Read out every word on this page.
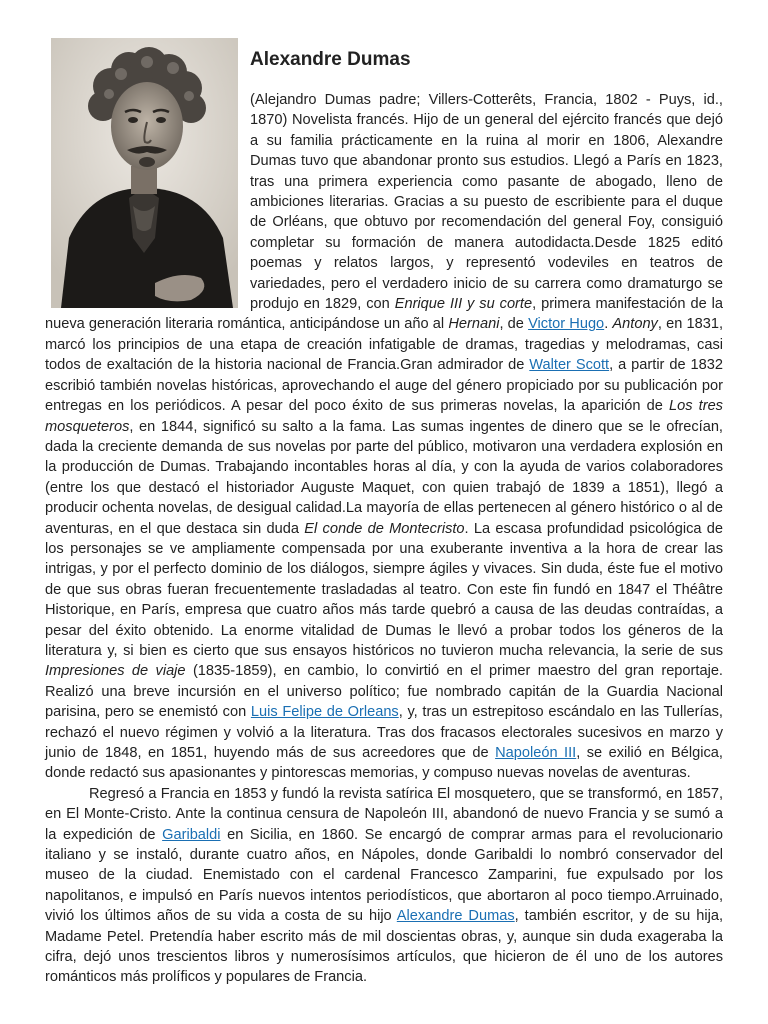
Alexandre Dumas

(Alejandro Dumas padre; Villers-Cotterêts, Francia, 1802 - Puys, id., 1870) Novelista francés. Hijo de un general del ejército francés que dejó a su familia prácticamente en la ruina al morir en 1806, Alexandre Dumas tuvo que abandonar pronto sus estudios. Llegó a París en 1823, tras una primera experiencia como pasante de abogado, lleno de ambiciones literarias. Gracias a su puesto de escribiente para el duque de Orléans, que obtuvo por recomendación del general Foy, consiguió completar su formación de manera autodidacta.Desde 1825 editó poemas y relatos largos, y representó vodeviles en teatros de variedades, pero el verdadero inicio de su carrera como dramaturgo se produjo en 1829, con Enrique III y su corte, primera manifestación de la nueva generación literaria romántica, anticipándose un año al Hernani, de Victor Hugo. Antony, en 1831, marcó los principios de una etapa de creación infatigable de dramas, tragedias y melodramas, casi todos de exaltación de la historia nacional de Francia.Gran admirador de Walter Scott, a partir de 1832 escribió también novelas históricas, aprovechando el auge del género propiciado por su publicación por entregas en los periódicos. A pesar del poco éxito de sus primeras novelas, la aparición de Los tres mosqueteros, en 1844, significó su salto a la fama. Las sumas ingentes de dinero que se le ofrecían, dada la creciente demanda de sus novelas por parte del público, motivaron una verdadera explosión en la producción de Dumas. Trabajando incontables horas al día, y con la ayuda de varios colaboradores (entre los que destacó el historiador Auguste Maquet, con quien trabajó de 1839 a 1851), llegó a producir ochenta novelas, de desigual calidad.La mayoría de ellas pertenecen al género histórico o al de aventuras, en el que destaca sin duda El conde de Montecristo. La escasa profundidad psicológica de los personajes se ve ampliamente compensada por una exuberante inventiva a la hora de crear las intrigas, y por el perfecto dominio de los diálogos, siempre ágiles y vivaces. Sin duda, éste fue el motivo de que sus obras fueran frecuentemente trasladadas al teatro. Con este fin fundó en 1847 el Théâtre Historique, en París, empresa que cuatro años más tarde quebró a causa de las deudas contraídas, a pesar del éxito obtenido. La enorme vitalidad de Dumas le llevó a probar todos los géneros de la literatura y, si bien es cierto que sus ensayos históricos no tuvieron mucha relevancia, la serie de sus Impresiones de viaje (1835-1859), en cambio, lo convirtió en el primer maestro del gran reportaje. Realizó una breve incursión en el universo político; fue nombrado capitán de la Guardia Nacional parisina, pero se enemistó con Luis Felipe de Orleans, y, tras un estrepitoso escándalo en las Tullerías, rechazó el nuevo régimen y volvió a la literatura. Tras dos fracasos electorales sucesivos en marzo y junio de 1848, en 1851, huyendo más de sus acreedores que de Napoleón III, se exilió en Bélgica, donde redactó sus apasionantes y pintorescas memorias, y compuso nuevas novelas de aventuras.

Regresó a Francia en 1853 y fundó la revista satírica El mosquetero, que se transformó, en 1857, en El Monte-Cristo. Ante la continua censura de Napoleón III, abandonó de nuevo Francia y se sumó a la expedición de Garibaldi en Sicilia, en 1860. Se encargó de comprar armas para el revolucionario italiano y se instaló, durante cuatro años, en Nápoles, donde Garibaldi lo nombró conservador del museo de la ciudad. Enemistado con el cardenal Francesco Zamparini, fue expulsado por los napolitanos, e impulsó en París nuevos intentos periodísticos, que abortaron al poco tiempo.Arruinado, vivió los últimos años de su vida a costa de su hijo Alexandre Dumas, también escritor, y de su hija, Madame Petel. Pretendía haber escrito más de mil doscientas obras, y, aunque sin duda exageraba la cifra, dejó unos trescientos libros y numerosísimos artículos, que hicieron de él uno de los autores románticos más prolíficos y populares de Francia.
